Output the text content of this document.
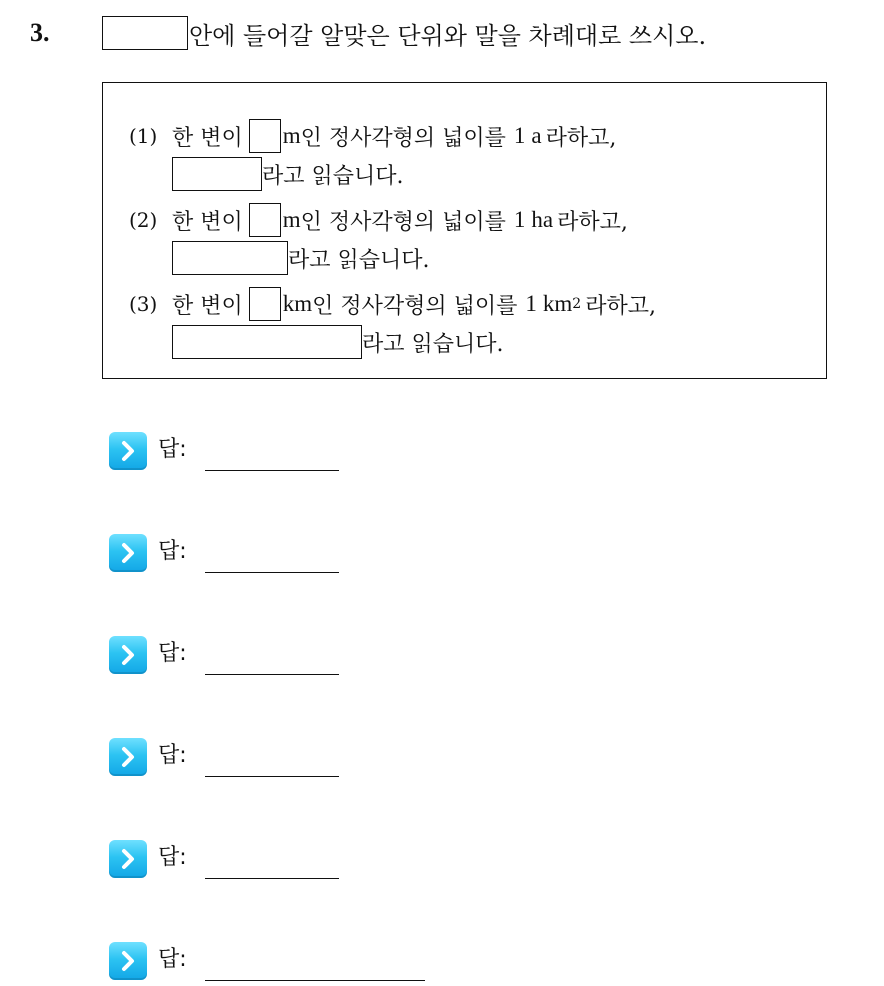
3.	안에 들어갈 알맞은 단위와 말을 차례대로 쓰시오.
(1) 한 변이 m 인 정사각형의 넓이를 1 a 라하고,
라고 읽습니다.
(2) 한 변이 m 인 정사각형의 넓이를 1 ha 라하고,
라고 읽습니다.
(3) 한 변이 km 인 정사각형의 넓이를 1 km 2 라하고,
라고 읽습니다.
답:
답:
답:
답:
답:
답:
